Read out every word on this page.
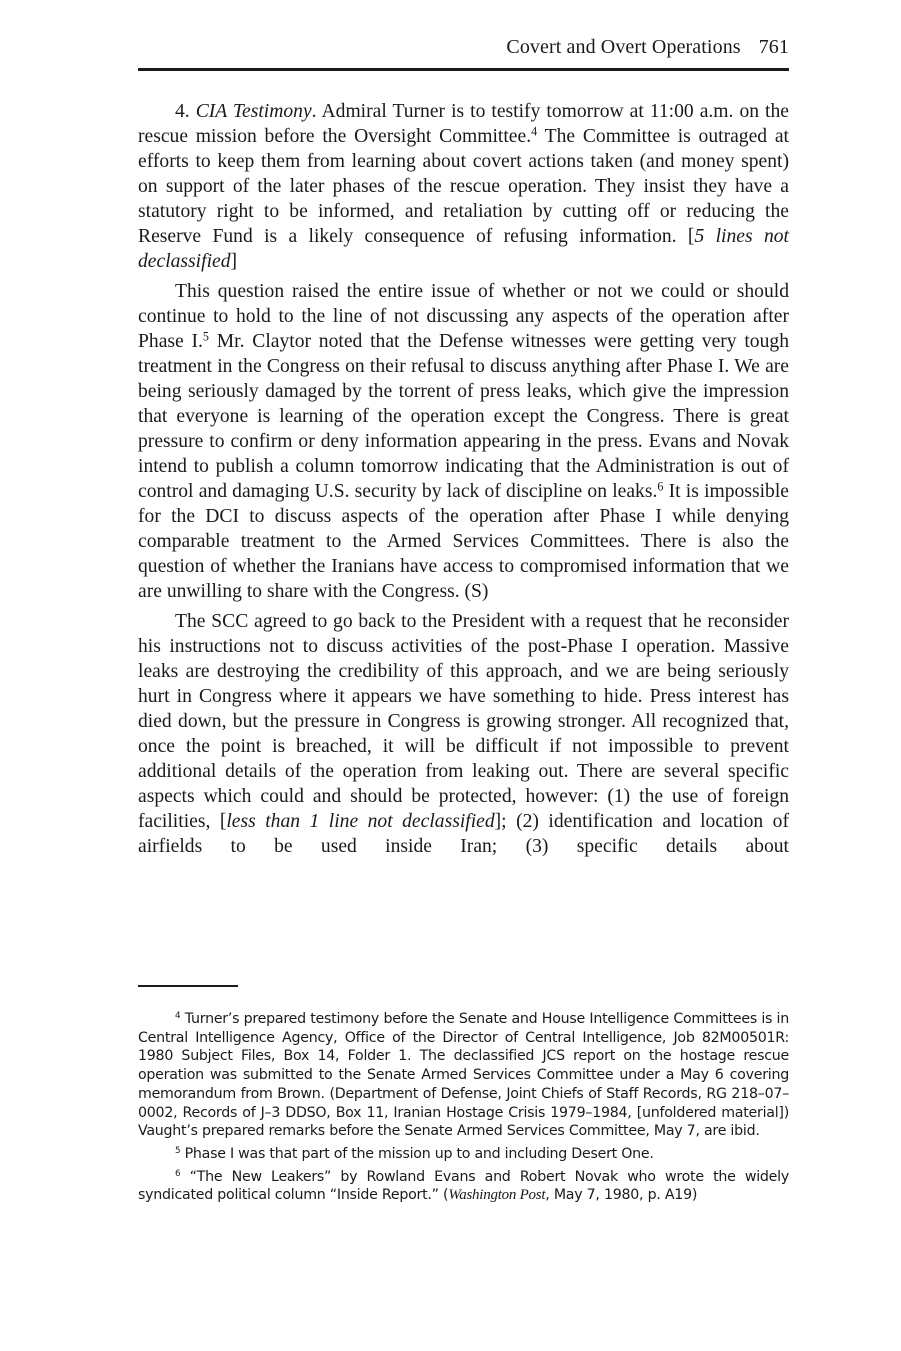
Covert and Overt Operations 761

4. CIA Testimony. Admiral Turner is to testify tomorrow at 11:00 a.m. on the rescue mission before the Oversight Committee.$^4$ The Committee is outraged at efforts to keep them from learning about covert actions taken (and money spent) on support of the later phases of the rescue operation. They insist they have a statutory right to be informed, and retaliation by cutting off or reducing the Reserve Fund is a likely consequence of refusing information. [5 lines not declassified]

This question raised the entire issue of whether or not we could or should continue to hold to the line of not discussing any aspects of the operation after Phase I.$^5$ Mr. Claytor noted that the Defense witnesses were getting very tough treatment in the Congress on their refusal to discuss anything after Phase I. We are being seriously damaged by the torrent of press leaks, which give the impression that everyone is learning of the operation except the Congress. There is great pressure to confirm or deny information appearing in the press. Evans and Novak intend to publish a column tomorrow indicating that the Administration is out of control and damaging U.S. security by lack of discipline on leaks.$^6$ It is impossible for the DCI to discuss aspects of the operation after Phase I while denying comparable treatment to the Armed Services Committees. There is also the question of whether the Iranians have access to compromised information that we are unwilling to share with the Congress. (S)

The SCC agreed to go back to the President with a request that he reconsider his instructions not to discuss activities of the post-Phase I operation. Massive leaks are destroying the credibility of this approach, and we are being seriously hurt in Congress where it appears we have something to hide. Press interest has died down, but the pressure in Congress is growing stronger. All recognized that, once the point is breached, it will be difficult if not impossible to prevent additional details of the operation from leaking out. There are several specific aspects which could and should be protected, however: (1) the use of foreign facilities, [less than 1 line not declassified]; (2) identification and location of airfields to be used inside Iran; (3) specific details about

$^4$ Turner’s prepared testimony before the Senate and House Intelligence Committees is in Central Intelligence Agency, Office of the Director of Central Intelligence, Job 82M00501R: 1980 Subject Files, Box 14, Folder 1. The declassified JCS report on the hostage rescue operation was submitted to the Senate Armed Services Committee under a May 6 covering memorandum from Brown. (Department of Defense, Joint Chiefs of Staff Records, RG 218–07–0002, Records of J–3 DDSO, Box 11, Iranian Hostage Crisis 1979–1984, [unfoldered material]) Vaught’s prepared remarks before the Senate Armed Services Committee, May 7, are ibid.

$^5$ Phase I was that part of the mission up to and including Desert One.

$^6$ “The New Leakers” by Rowland Evans and Robert Novak who wrote the widely syndicated political column “Inside Report.” (Washington Post, May 7, 1980, p. A19)
